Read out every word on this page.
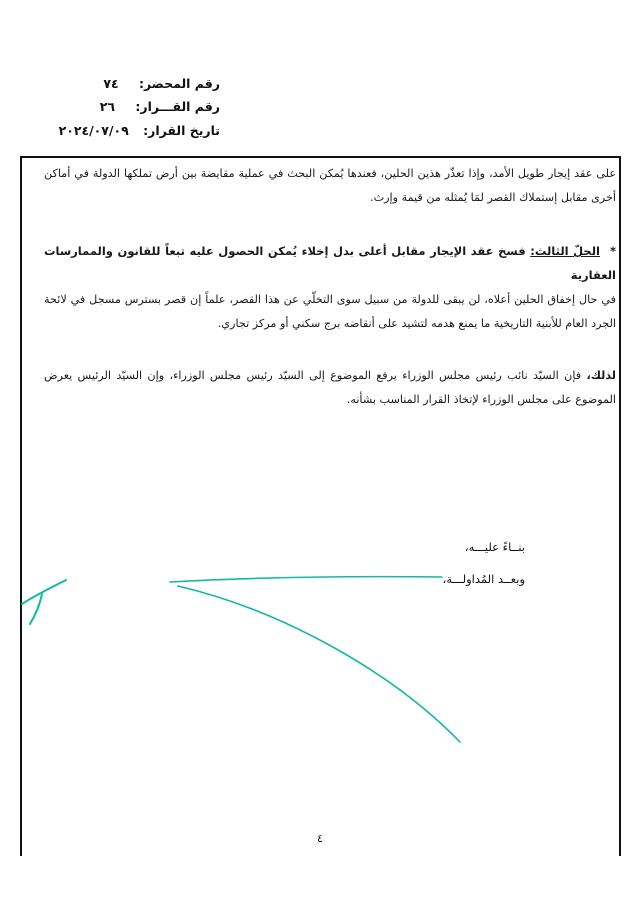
رقم المحضر: ٧٤
رقم القـــرار: ٢٦
تاريخ القرار: ٢٠٢٤/٠٧/٠٩
على عقد إيجار طويل الأمد، وإذا تعذّر هذين الحلين، فعندها يُمكن البحث في عملية مقايضة بين أرض تملكها الدولة في أماكن أخرى مقابل إستملاك القصر لمَا يُمثله من قيمة وإرث.
*الحلّ الثالث: فسخ عقد الإيجار مقابل أعلى بدل إخلاء يُمكن الحصول عليه تبعاً للقانون والممارسات العقارية
في حال إخفاق الحلين أعلاه، لن يبقى للدولة من سبيل سوى التخلّي عن هذا القصر، علماً إن قصر بسترس مسجل في لائحة الجرد العام للأبنية التاريخية ما يمنع هدمه لتشيد على أنقاضه برج سكني أو مركز تجاري.
لذلك، فإن السيّد نائب رئيس مجلس الوزراء يرفع الموضوع إلى السيّد رئيس مجلس الوزراء، وإن السيّد الرئيس يعرض الموضوع على مجلس الوزراء لإتخاذ القرار المناسب بشأنه.
بنــاءً عليـــه،
وبعــد المُداولـــة،
٤
